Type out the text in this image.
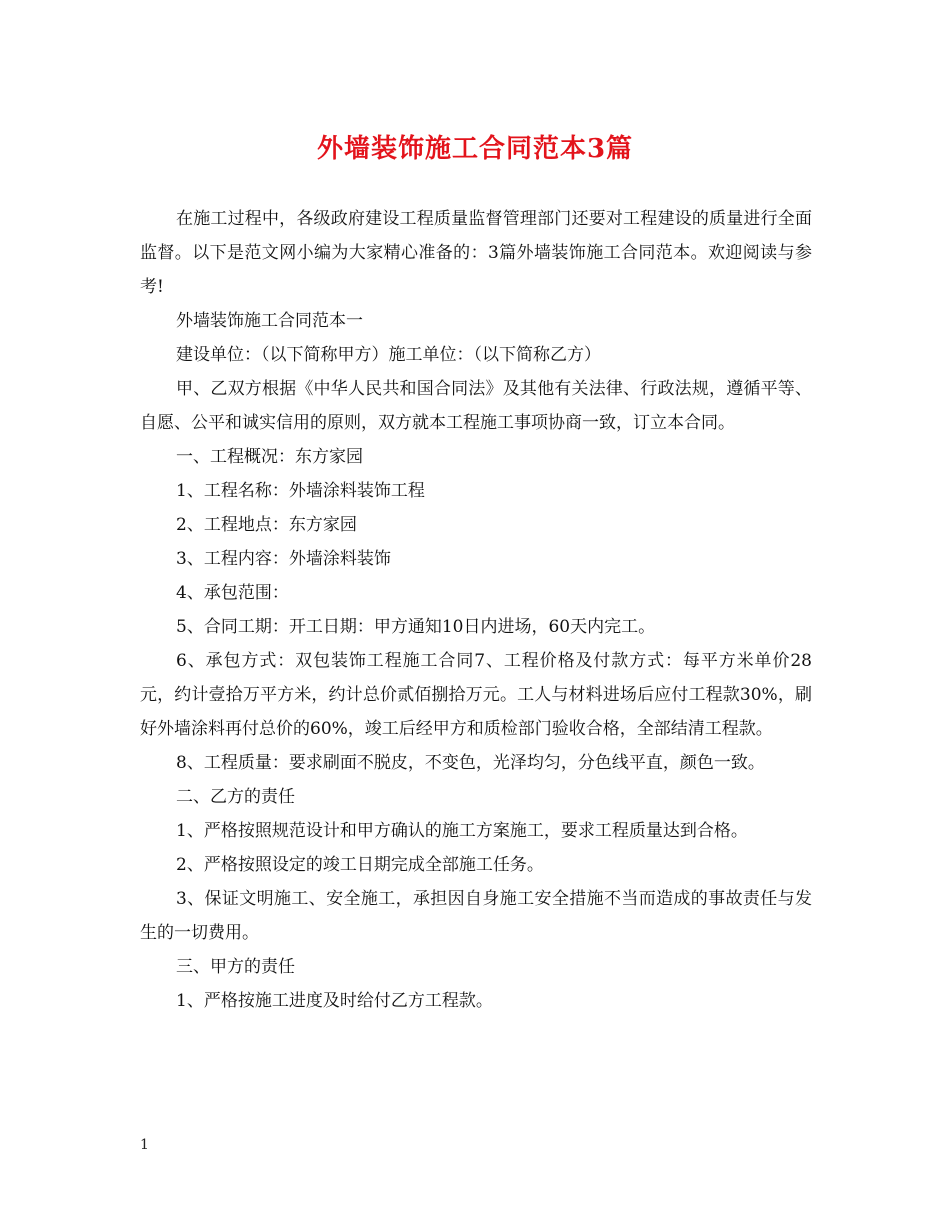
外墙装饰施工合同范本3篇

在施工过程中，各级政府建设工程质量监督管理部门还要对工程建设的质量进行全面监督。以下是范文网小编为大家精心准备的：3篇外墙装饰施工合同范本。欢迎阅读与参考!

外墙装饰施工合同范本一

建设单位：（以下简称甲方）施工单位：（以下简称乙方）

甲、乙双方根据《中华人民共和国合同法》及其他有关法律、行政法规，遵循平等、自愿、公平和诚实信用的原则，双方就本工程施工事项协商一致，订立本合同。

一、工程概况：东方家园

1、工程名称：外墙涂料装饰工程

2、工程地点：东方家园

3、工程内容：外墙涂料装饰

4、承包范围：

5、合同工期：开工日期：甲方通知10日内进场，60天内完工。

6、承包方式：双包装饰工程施工合同7、工程价格及付款方式：每平方米单价28元，约计壹拾万平方米，约计总价贰佰捌拾万元。工人与材料进场后应付工程款30%，刷好外墙涂料再付总价的60%，竣工后经甲方和质检部门验收合格，全部结清工程款。

8、工程质量：要求刷面不脱皮，不变色，光泽均匀，分色线平直，颜色一致。

二、乙方的责任

1、严格按照规范设计和甲方确认的施工方案施工，要求工程质量达到合格。

2、严格按照设定的竣工日期完成全部施工任务。

3、保证文明施工、安全施工，承担因自身施工安全措施不当而造成的事故责任与发生的一切费用。

三、甲方的责任

1、严格按施工进度及时给付乙方工程款。

1
